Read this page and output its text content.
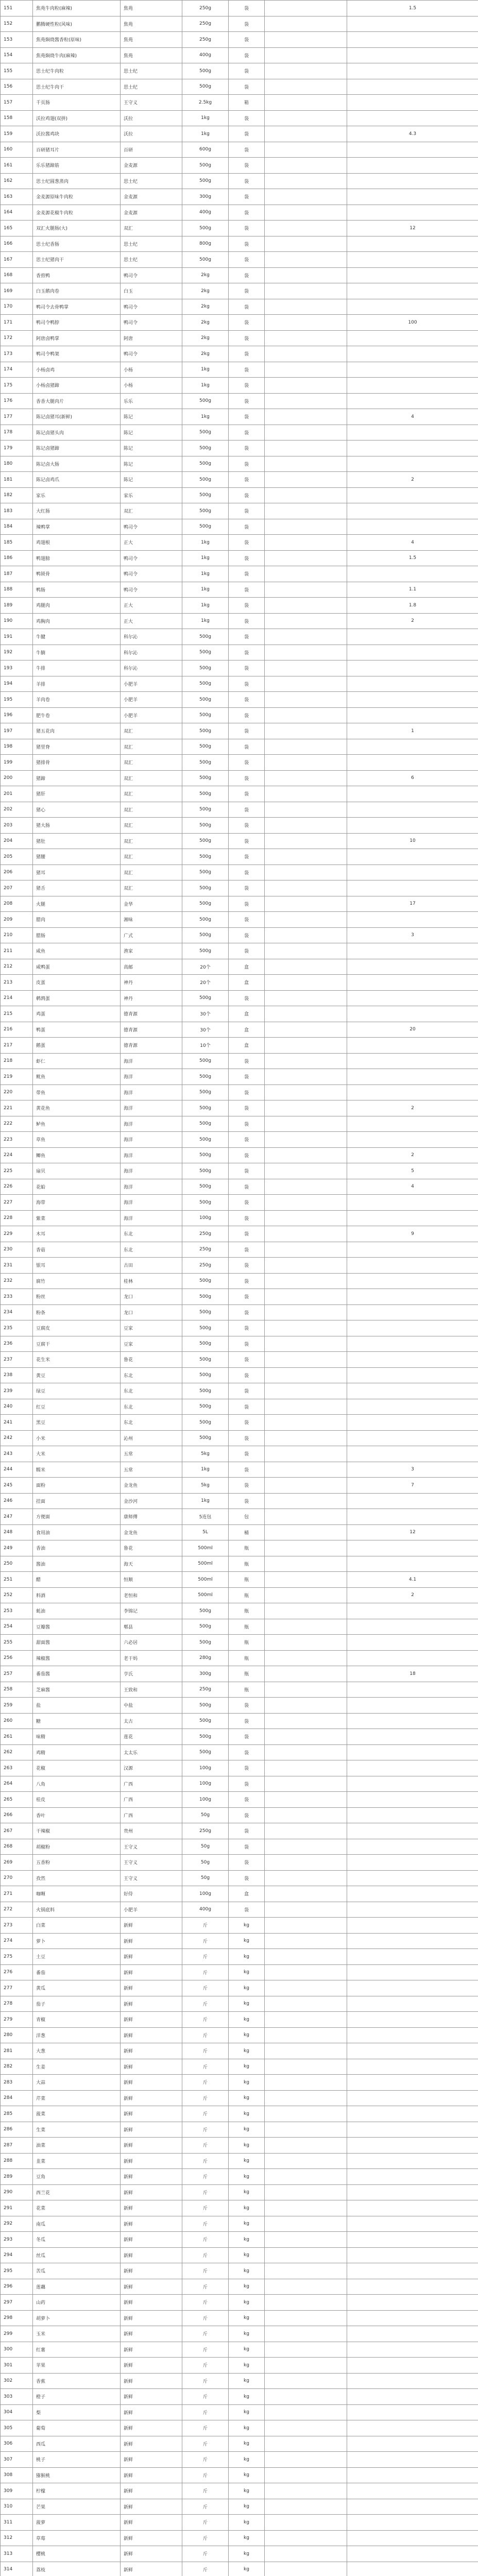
151	焦苑牛肉粒(麻辣)	焦苑	250g	袋		1.5
152	鹏腾硬性粒(风味)	焦苑	250g	袋		
153	焦苑焖烧酱香粒(原味)	焦苑	250g	袋		
154	焦苑焖烧牛肉(麻辣)	焦苑	400g	袋		
155	思士纪牛肉粒	思士纪	500g	袋		
156	思士纪牛肉干	思士纪	500g	袋		
157	千页肠	王守义	2.5kg	箱		
158	沃拉鸡翅(双拼)	沃拉	1kg	袋		
159	沃拉酱鸡块	沃拉	1kg	袋		4.3
160	百研猪耳片	百研	600g	袋		
161	乐乐猪蹄筋	金麦源	500g	袋		
162	思士纪圆葱蒸肉	思士纪	500g	袋		
163	金麦源原味牛肉粒	金麦源	300g	袋		
164	金麦源花椒牛肉粒	金麦源	400g	袋		
165	双汇火腿肠(大)	双汇	500g	袋		12
166	思士纪香肠	思士纪	800g	袋		
167	思士纪猪肉干	思士纪	500g	袋		
168	香煎鸭	鸭司令	2kg	袋		
169	白玉鹅肉卷	白玉	2kg	袋		
170	鸭司令去骨鸭掌	鸭司令	2kg	袋		
171	鸭司令鸭脖	鸭司令	2kg	袋		100
172	阿唐卤鸭掌	阿唐	2kg	袋		
173	鸭司令鸭架	鸭司令	2kg	袋		
174	小杨卤鸡	小杨	1kg	袋		
175	小杨卤猪蹄	小杨	1kg	袋		
176	香香大腿肉片	乐乐	500g	袋		
177	陈记卤猪耳(新鲜)	陈记	1kg	袋		4
178	陈记卤猪头肉	陈记	500g	袋		
179	陈记卤猪蹄	陈记	500g	袋		
180	陈记卤大肠	陈记	500g	袋		
181	陈记卤鸡爪	陈记	500g	袋		2
182	家乐	家乐	500g	袋		
183	大红肠	双汇	500g	袋		
184	辣鸭掌	鸭司令	500g	袋		
185	鸡翅根	正大	1kg	袋		4
186	鸭翅膀	鸭司令	1kg	袋		1.5
187	鸭锁骨	鸭司令	1kg	袋		
188	鸭肠	鸭司令	1kg	袋		1.1
189	鸡腿肉	正大	1kg	袋		1.8
190	鸡胸肉	正大	1kg	袋		2
191	牛腱	科尔沁	500g	袋		
192	牛腩	科尔沁	500g	袋		
193	牛排	科尔沁	500g	袋		
194	羊排	小肥羊	500g	袋		
195	羊肉卷	小肥羊	500g	袋		
196	肥牛卷	小肥羊	500g	袋		
197	猪五花肉	双汇	500g	袋		1
198	猪里脊	双汇	500g	袋		
199	猪排骨	双汇	500g	袋		
200	猪蹄	双汇	500g	袋		6
201	猪肝	双汇	500g	袋		
202	猪心	双汇	500g	袋		
203	猪大肠	双汇	500g	袋		
204	猪肚	双汇	500g	袋		10
205	猪腰	双汇	500g	袋		
206	猪耳	双汇	500g	袋		
207	猪舌	双汇	500g	袋		
208	火腿	金华	500g	袋		17
209	腊肉	湘味	500g	袋		
210	腊肠	广式	500g	袋		3
211	咸鱼	渔家	500g	袋		
212	咸鸭蛋	高邮	20个	盒		
213	皮蛋	神丹	20个	盒		
214	鹌鹑蛋	神丹	500g	袋		
215	鸡蛋	德青源	30个	盒		
216	鸭蛋	德青源	30个	盒		20
217	鹅蛋	德青源	10个	盒		
218	虾仁	海洋	500g	袋		
219	鱿鱼	海洋	500g	袋		
220	带鱼	海洋	500g	袋		
221	黄花鱼	海洋	500g	袋		2
222	鲈鱼	海洋	500g	袋		
223	草鱼	海洋	500g	袋		
224	鲫鱼	海洋	500g	袋		2
225	扇贝	海洋	500g	袋		5
226	花蛤	海洋	500g	袋		4
227	海带	海洋	500g	袋		
228	紫菜	海洋	100g	袋		
229	木耳	东北	250g	袋		9
230	香菇	东北	250g	袋		
231	银耳	古田	250g	袋		
232	腐竹	桂林	500g	袋		
233	粉丝	龙口	500g	袋		
234	粉条	龙口	500g	袋		
235	豆腐皮	豆家	500g	袋		
236	豆腐干	豆家	500g	袋		
237	花生米	鲁花	500g	袋		
238	黄豆	东北	500g	袋		
239	绿豆	东北	500g	袋		
240	红豆	东北	500g	袋		
241	黑豆	东北	500g	袋		
242	小米	沁州	500g	袋		
243	大米	五常	5kg	袋		
244	糯米	五常	1kg	袋		3
245	面粉	金龙鱼	5kg	袋		7
246	挂面	金沙河	1kg	袋		
247	方便面	康师傅	5连包	包		
248	食用油	金龙鱼	5L	桶		12
249	香油	鲁花	500ml	瓶		
250	酱油	海天	500ml	瓶		
251	醋	恒顺	500ml	瓶		4.1
252	料酒	老恒和	500ml	瓶		2
253	蚝油	李锦记	500g	瓶		
254	豆瓣酱	郫县	500g	瓶		
255	甜面酱	六必居	500g	瓶		
256	辣椒酱	老干妈	280g	瓶		
257	番茄酱	亨氏	300g	瓶		18
258	芝麻酱	王致和	250g	瓶		
259	盐	中盐	500g	袋		
260	糖	太古	500g	袋		
261	味精	莲花	500g	袋		
262	鸡精	太太乐	500g	袋		
263	花椒	汉源	100g	袋		
264	八角	广西	100g	袋		
265	桂皮	广西	100g	袋		
266	香叶	广西	50g	袋		
267	干辣椒	贵州	250g	袋		
268	胡椒粉	王守义	50g	袋		
269	五香粉	王守义	50g	袋		
270	孜然	王守义	50g	袋		
271	咖喱	好侍	100g	盒		
272	火锅底料	小肥羊	400g	袋		
273	白菜	新鲜	斤	kg		
274	萝卜	新鲜	斤	kg		
275	土豆	新鲜	斤	kg		
276	番茄	新鲜	斤	kg		
277	黄瓜	新鲜	斤	kg		
278	茄子	新鲜	斤	kg		
279	青椒	新鲜	斤	kg		
280	洋葱	新鲜	斤	kg		
281	大葱	新鲜	斤	kg		
282	生姜	新鲜	斤	kg		
283	大蒜	新鲜	斤	kg		
284	芹菜	新鲜	斤	kg		
285	菠菜	新鲜	斤	kg		
286	生菜	新鲜	斤	kg		
287	油菜	新鲜	斤	kg		
288	韭菜	新鲜	斤	kg		
289	豆角	新鲜	斤	kg		
290	西兰花	新鲜	斤	kg		
291	花菜	新鲜	斤	kg		
292	南瓜	新鲜	斤	kg		
293	冬瓜	新鲜	斤	kg		
294	丝瓜	新鲜	斤	kg		
295	苦瓜	新鲜	斤	kg		
296	莲藕	新鲜	斤	kg		
297	山药	新鲜	斤	kg		
298	胡萝卜	新鲜	斤	kg		
299	玉米	新鲜	斤	kg		
300	红薯	新鲜	斤	kg		
301	苹果	新鲜	斤	kg		
302	香蕉	新鲜	斤	kg		
303	橙子	新鲜	斤	kg		
304	梨	新鲜	斤	kg		
305	葡萄	新鲜	斤	kg		
306	西瓜	新鲜	斤	kg		
307	桃子	新鲜	斤	kg		
308	猕猴桃	新鲜	斤	kg		
309	柠檬	新鲜	斤	kg		
310	芒果	新鲜	斤	kg		
311	菠萝	新鲜	斤	kg		
312	草莓	新鲜	斤	kg		
313	樱桃	新鲜	斤	kg		
314	荔枝	新鲜	斤	kg		
